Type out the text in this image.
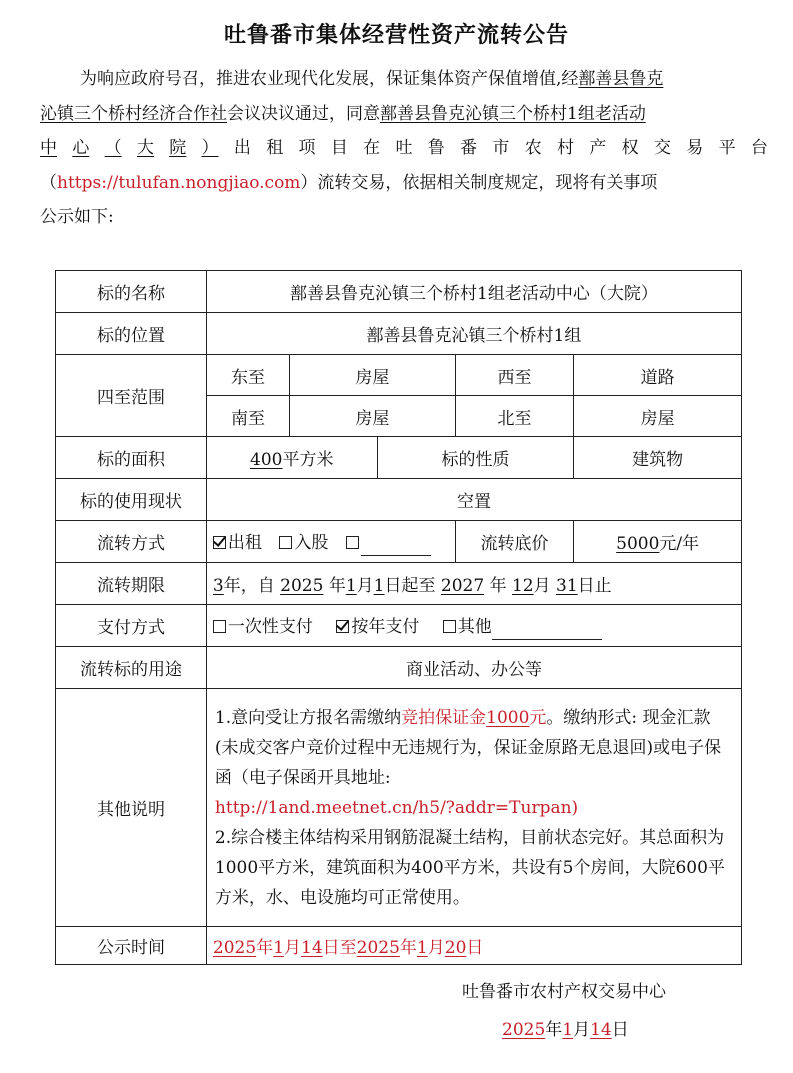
吐鲁番市集体经营性资产流转公告
为响应政府号召，推进农业现代化发展，保证集体资产保值增值,经鄯善县鲁克
沁镇三个桥村经济合作社会议决议通过，同意鄯善县鲁克沁镇三个桥村1组老活动
中 心 （ 大 院 ） 出 租 项 目 在 吐 鲁 番 市 农 村 产 权 交 易 平 台
（https://tulufan.nongjiao.com）流转交易，依据相关制度规定，现将有关事项
公示如下:
标的名称	鄯善县鲁克沁镇三个桥村1组老活动中心（大院）				
标的位置	鄯善县鲁克沁镇三个桥村1组				
四至范围	东至	房屋		西至	道路
	南至	房屋		北至	房屋
标的面积	400平方米		标的性质		建筑物
标的使用现状	空置				
流转方式	出租 入股			流转底价	5000元/年
流转期限	3年，自 2025 年1月1日起至 2027 年 12月 31日止				
支付方式	一次性支付 按年支付 其他				
流转标的用途	商业活动、办公等				
其他说明	1.意向受让方报名需缴纳竞拍保证金1000元。缴纳形式: 现金汇款(未成交客户竞价过程中无违规行为，保证金原路无息退回)或电子保函（电子保函开具地址:
http://1and.meetnet.cn/h5/?addr=Turpan)
2.综合楼主体结构采用钢筋混凝土结构，目前状态完好。其总面积为1000平方米，建筑面积为400平方米，共设有5个房间，大院600平方米，水、电设施均可正常使用。				
公示时间	2025年1月14日至2025年1月20日				
吐鲁番市农村产权交易中心
2025年1月14日
